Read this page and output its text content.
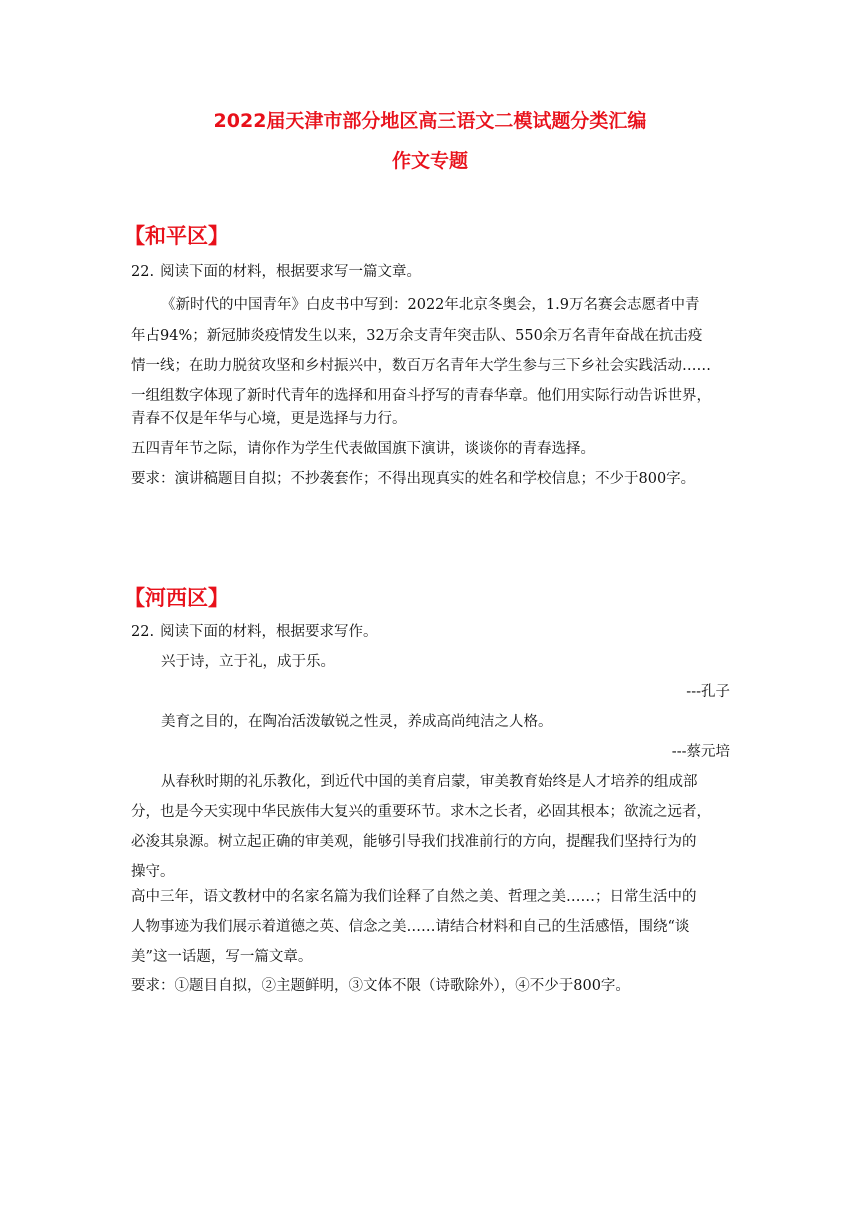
2022届天津市部分地区高三语文二模试题分类汇编
作文专题
【和平区】
22. 阅读下面的材料，根据要求写一篇文章。
《新时代的中国青年》白皮书中写到：2022年北京冬奥会，1.9万名赛会志愿者中青
年占94%；新冠肺炎疫情发生以来，32万余支青年突击队、550余万名青年奋战在抗击疫
情一线；在助力脱贫攻坚和乡村振兴中，数百万名青年大学生参与三下乡社会实践活动……
一组组数字体现了新时代青年的选择和用奋斗抒写的青春华章。他们用实际行动告诉世界，
青春不仅是年华与心境，更是选择与力行。
五四青年节之际，请你作为学生代表做国旗下演讲，谈谈你的青春选择。
要求：演讲稿题目自拟；不抄袭套作；不得出现真实的姓名和学校信息；不少于800字。
【河西区】
22. 阅读下面的材料，根据要求写作。
兴于诗，立于礼，成于乐。
---孔子
美育之目的，在陶冶活泼敏锐之性灵，养成高尚纯洁之人格。
---蔡元培
从春秋时期的礼乐教化，到近代中国的美育启蒙，审美教育始终是人才培养的组成部
分，也是今天实现中华民族伟大复兴的重要环节。求木之长者，必固其根本；欲流之远者，
必浚其泉源。树立起正确的审美观，能够引导我们找准前行的方向，提醒我们坚持行为的
操守。
高中三年，语文教材中的名家名篇为我们诠释了自然之美、哲理之美……；日常生活中的
人物事迹为我们展示着道德之英、信念之美……请结合材料和自己的生活感悟，围绕“谈
美”这一话题，写一篇文章。
要求：①题目自拟，②主题鲜明，③文体不限（诗歌除外），④不少于800字。
